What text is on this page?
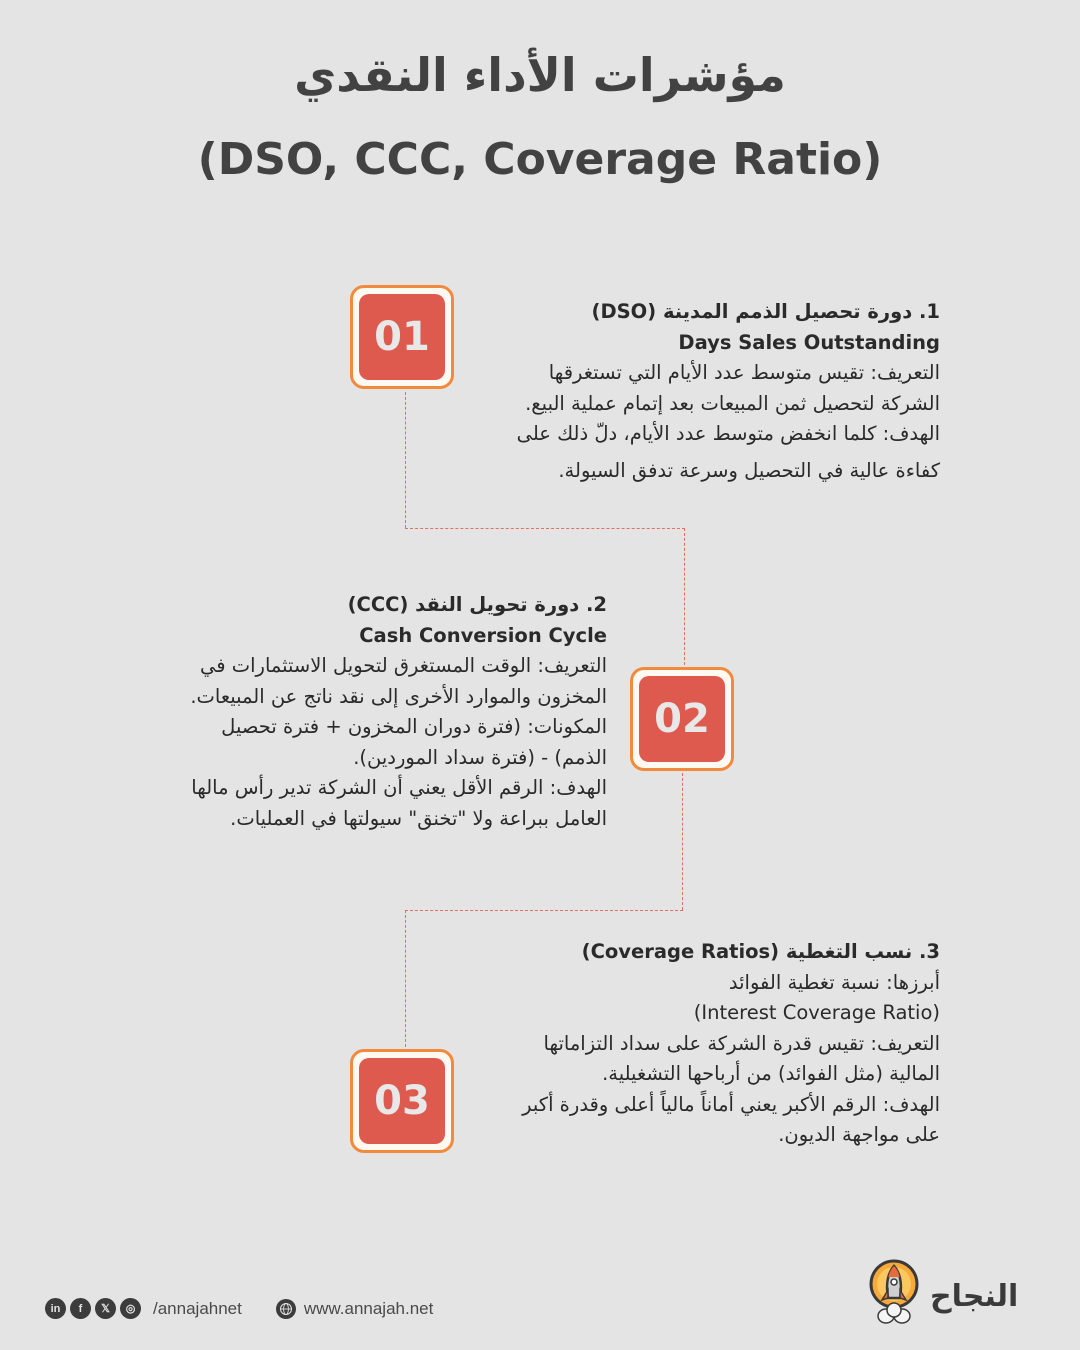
مؤشرات الأداء النقدي
(DSO, CCC, Coverage Ratio)
01
02
03

1. دورة تحصيل الذمم المدينة (DSO)

Days Sales Outstanding

التعريف: تقيس متوسط عدد الأيام التي تستغرقها

الشركة لتحصيل ثمن المبيعات بعد إتمام عملية البيع.

الهدف: كلما انخفض متوسط عدد الأيام، دلّ ذلك على

كفاءة عالية في التحصيل وسرعة تدفق السيولة.

2. دورة تحويل النقد (CCC)

Cash Conversion Cycle

التعريف: الوقت المستغرق لتحويل الاستثمارات في

المخزون والموارد الأخرى إلى نقد ناتج عن المبيعات.

المكونات: (فترة دوران المخزون + فترة تحصيل

الذمم) - (فترة سداد الموردين).

الهدف: الرقم الأقل يعني أن الشركة تدير رأس مالها

العامل ببراعة ولا "تخنق" سيولتها في العمليات.

3. نسب التغطية (Coverage Ratios)

أبرزها: نسبة تغطية الفوائد

(Interest Coverage Ratio)

التعريف: تقيس قدرة الشركة على سداد التزاماتها

المالية (مثل الفوائد) من أرباحها التشغيلية.

الهدف: الرقم الأكبر يعني أماناً مالياً أعلى وقدرة أكبر

على مواجهة الديون.

in	f	𝕏	◎	/annajahnet	www.annajah.net	النجاح
